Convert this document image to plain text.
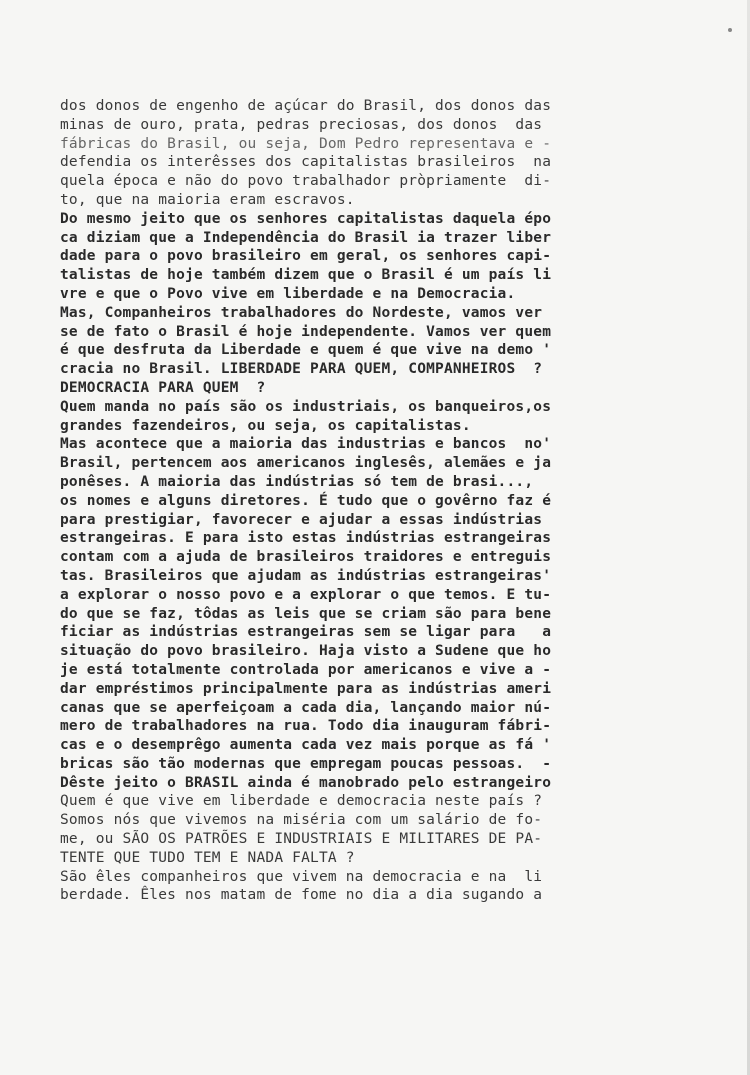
dos donos de engenho de açúcar do Brasil, dos donos das
minas de ouro, prata, pedras preciosas, dos donos  das
fábricas do Brasil, ou seja, Dom Pedro representava e -
defendia os interêsses dos capitalistas brasileiros  na
quela época e não do povo trabalhador pròpriamente  di-
to, que na maioria eram escravos.
Do mesmo jeito que os senhores capitalistas daquela épo
ca diziam que a Independência do Brasil ia trazer liber
dade para o povo brasileiro em geral, os senhores capi-
talistas de hoje também dizem que o Brasil é um país li
vre e que o Povo vive em liberdade e na Democracia.
Mas, Companheiros trabalhadores do Nordeste, vamos ver
se de fato o Brasil é hoje independente. Vamos ver quem
é que desfruta da Liberdade e quem é que vive na demo '
cracia no Brasil. LIBERDADE PARA QUEM, COMPANHEIROS  ?
DEMOCRACIA PARA QUEM  ?
Quem manda no país são os industriais, os banqueiros,os
grandes fazendeiros, ou seja, os capitalistas.
Mas acontece que a maioria das industrias e bancos  no'
Brasil, pertencem aos americanos inglesês, alemães e ja
ponêses. A maioria das indústrias só tem de brasi...,
os nomes e alguns diretores. É tudo que o govêrno faz é
para prestigiar, favorecer e ajudar a essas indústrias
estrangeiras. E para isto estas indústrias estrangeiras
contam com a ajuda de brasileiros traidores e entreguis
tas. Brasileiros que ajudam as indústrias estrangeiras'
a explorar o nosso povo e a explorar o que temos. E tu-
do que se faz, tôdas as leis que se criam são para bene
ficiar as indústrias estrangeiras sem se ligar para   a
situação do povo brasileiro. Haja visto a Sudene que ho
je está totalmente controlada por americanos e vive a -
dar empréstimos principalmente para as indústrias ameri
canas que se aperfeiçoam a cada dia, lançando maior nú-
mero de trabalhadores na rua. Todo dia inauguram fábri-
cas e o desemprêgo aumenta cada vez mais porque as fá '
bricas são tão modernas que empregam poucas pessoas.  -
Dêste jeito o BRASIL ainda é manobrado pelo estrangeiro
Quem é que vive em liberdade e democracia neste país ?
Somos nós que vivemos na miséria com um salário de fo-
me, ou SÃO OS PATRÕES E INDUSTRIAIS E MILITARES DE PA-
TENTE QUE TUDO TEM E NADA FALTA ?
São êles companheiros que vivem na democracia e na  li
berdade. Êles nos matam de fome no dia a dia sugando a
